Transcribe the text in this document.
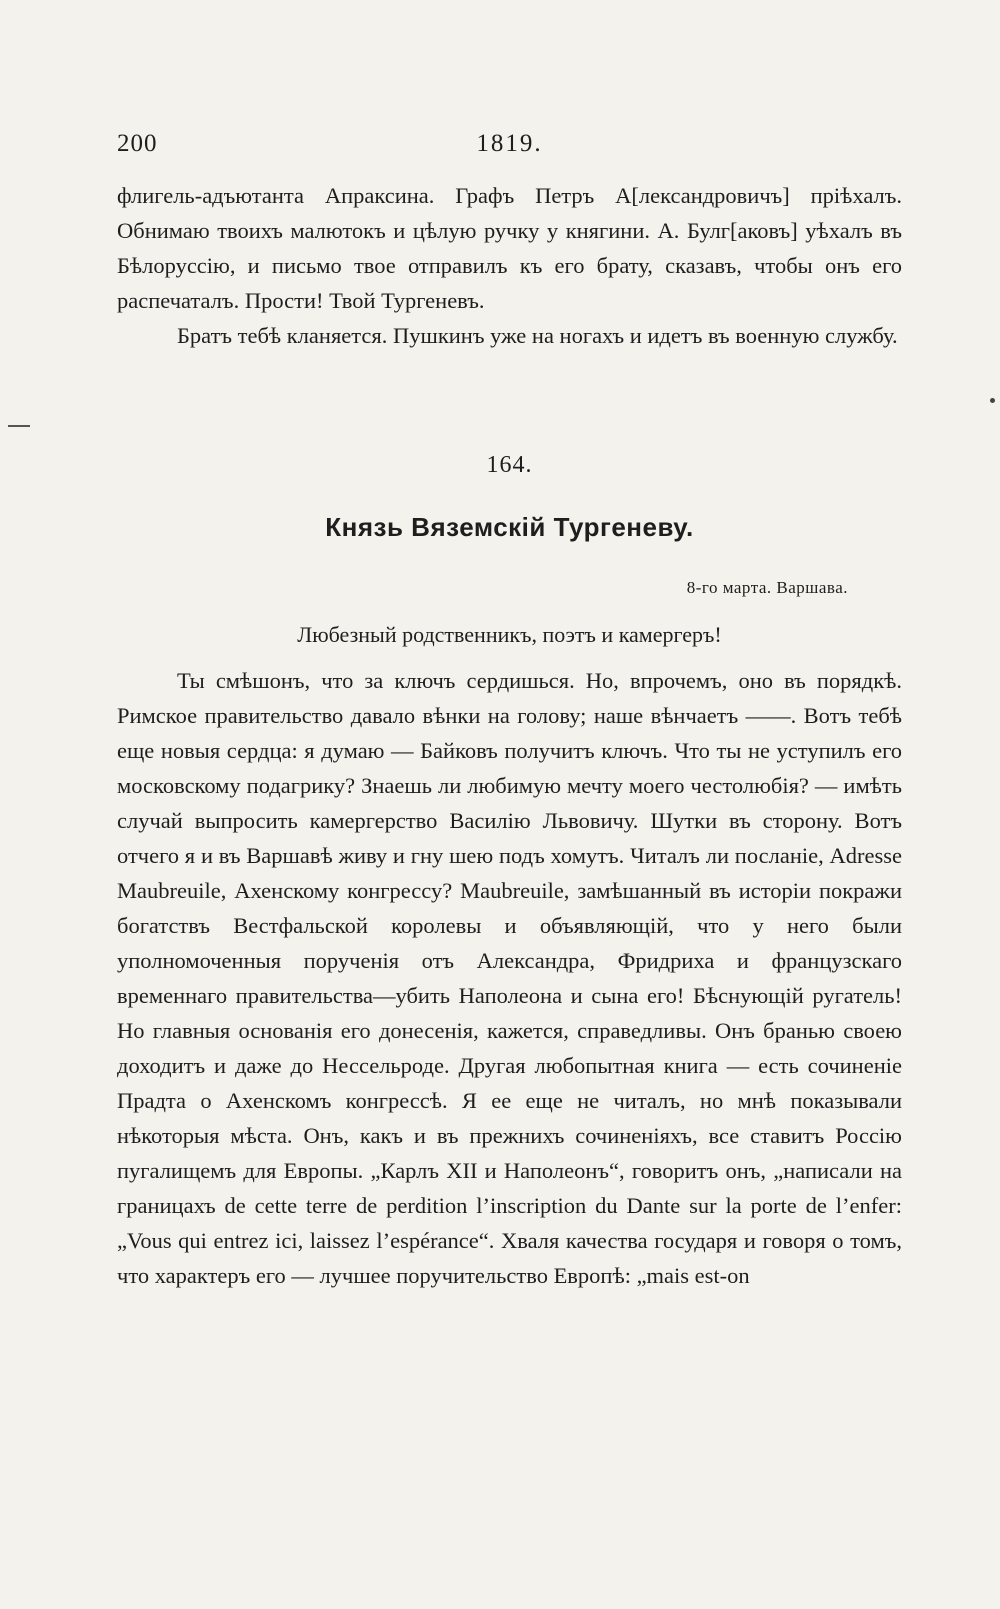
200	1819.

флигель-адъютанта Апраксина. Графъ Петръ А[лександровичъ] пріѣхалъ. Обнимаю твоихъ малютокъ и цѣлую ручку у княгини. А. Булг[аковъ] уѣхалъ въ Бѣлоруссію, и письмо твое отправилъ къ его брату, сказавъ, чтобы онъ его распечаталъ. Прости! Твой Тургеневъ.

Братъ тебѣ кланяется. Пушкинъ уже на ногахъ и идетъ въ военную службу.

164.
Князь Вяземскій Тургеневу.
8-го марта. Варшава.
Любезный родственникъ, поэтъ и камергеръ!

Ты смѣшонъ, что за ключъ сердишься. Но, впрочемъ, оно въ порядкѣ. Римское правительство давало вѣнки на голову; наше вѣнчаетъ ——. Вотъ тебѣ еще новыя сердца: я думаю — Байковъ получитъ ключъ. Что ты не уступилъ его московскому подагрику? Знаешь ли любимую мечту моего честолюбія? — имѣть случай выпросить камергерство Василію Львовичу. Шутки въ сторону. Вотъ отчего я и въ Варшавѣ живу и гну шею подъ хомутъ. Читалъ ли посланіе, Adresse Maubreuile, Ахенскому конгрессу? Maubreuile, замѣшанный въ исторіи покражи богатствъ Вестфальской королевы и объявляющій, что у него были уполномоченныя порученія отъ Александра, Фридриха и французскаго временнаго правительства—убить Наполеона и сына его! Бѣснующій ругатель! Но главныя основанія его донесенія, кажется, справедливы. Онъ бранью своею доходитъ и даже до Нессельроде. Другая любопытная книга — есть сочиненіе Прадта о Ахенскомъ конгрессѣ. Я ее еще не читалъ, но мнѣ показывали нѣкоторыя мѣста. Онъ, какъ и въ прежнихъ сочиненіяхъ, все ставитъ Россію пугалищемъ для Европы. „Карлъ XII и Наполеонъ“, говоритъ онъ, „написали на границахъ de cette terre de perdition l’inscription du Dante sur la porte de l’enfer: „Vous qui entrez ici, laissez l’espérance“. Хваля качества государя и говоря о томъ, что характеръ его — лучшее поручительство Европѣ: „mais est-on
